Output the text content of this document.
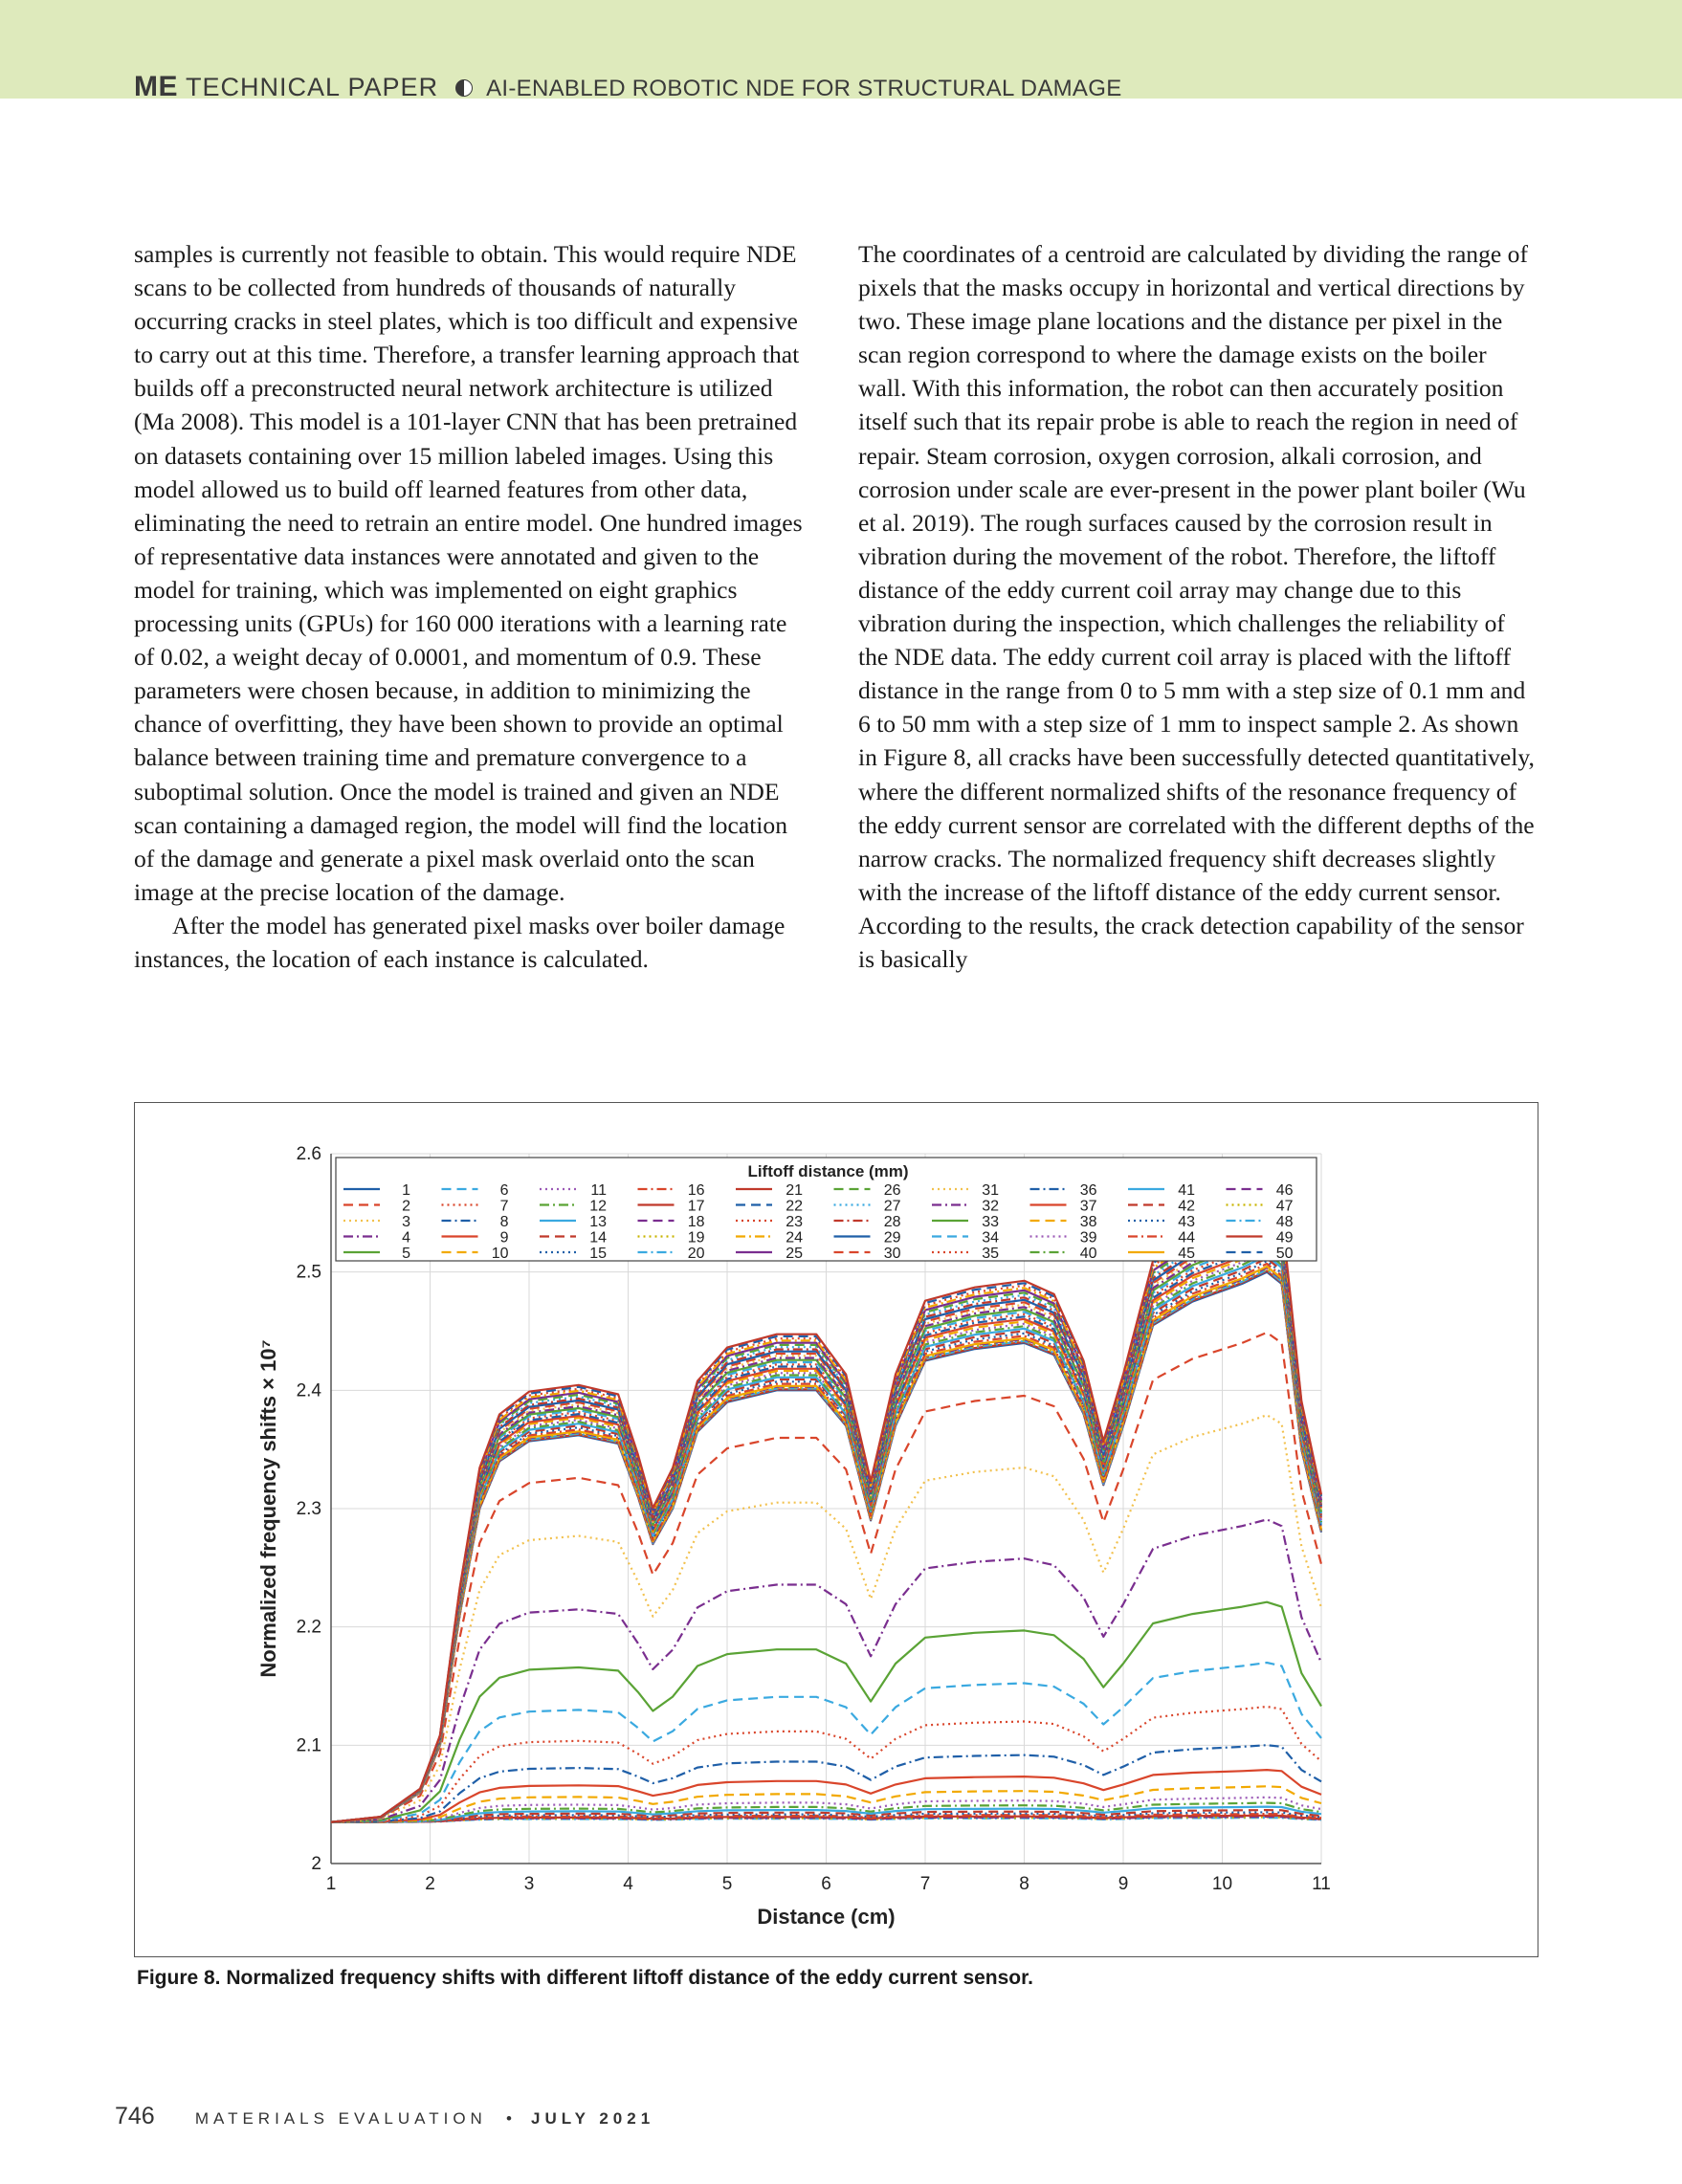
ME TECHNICAL PAPER AI-ENABLED ROBOTIC NDE FOR STRUCTURAL DAMAGE

samples is currently not feasible to obtain. This would require NDE scans to be collected from hundreds of thousands of naturally occurring cracks in steel plates, which is too difficult and expensive to carry out at this time. Therefore, a transfer learning approach that builds off a preconstructed neural network architecture is utilized (Ma 2008). This model is a 101-layer CNN that has been pretrained on datasets containing over 15 million labeled images. Using this model allowed us to build off learned features from other data, eliminating the need to retrain an entire model. One hundred images of representative data instances were annotated and given to the model for training, which was implemented on eight graphics processing units (GPUs) for 160 000 iterations with a learning rate of 0.02, a weight decay of 0.0001, and momentum of 0.9. These parameters were chosen because, in addition to minimizing the chance of overfitting, they have been shown to provide an optimal balance between training time and premature convergence to a suboptimal solution. Once the model is trained and given an NDE scan containing a damaged region, the model will find the location of the damage and generate a pixel mask overlaid onto the scan image at the precise location of the damage.

After the model has generated pixel masks over boiler damage instances, the location of each instance is calculated.

The coordinates of a centroid are calculated by dividing the range of pixels that the masks occupy in horizontal and vertical directions by two. These image plane locations and the distance per pixel in the scan region correspond to where the damage exists on the boiler wall. With this information, the robot can then accurately position itself such that its repair probe is able to reach the region in need of repair. Steam corrosion, oxygen corrosion, alkali corrosion, and corrosion under scale are ever-present in the power plant boiler (Wu et al. 2019). The rough surfaces caused by the corrosion result in vibration during the movement of the robot. Therefore, the liftoff distance of the eddy current coil array may change due to this vibration during the inspection, which challenges the reliability of the NDE data. The eddy current coil array is placed with the liftoff distance in the range from 0 to 5 mm with a step size of 0.1 mm and 6 to 50 mm with a step size of 1 mm to inspect sample 2. As shown in Figure 8, all cracks have been successfully detected quantitatively, where the different normalized shifts of the resonance frequency of the eddy current sensor are correlated with the different depths of the narrow cracks. The normalized frequency shift decreases slightly with the increase of the liftoff distance of the eddy current sensor. According to the results, the crack detection capability of the sensor is basically

1	2	3	4	5	6	7	8	9	10	11
2
2.1
2.2
2.3
2.4
2.5
2.6
Distance (cm)
Normalized frequency shifts × 10⁷
Liftoff distance (mm)
1
2
3
4
5
6
7
8
9
10
11
12
13
14
15
16
17
18
19
20
21
22
23
24
25
26
27
28
29
30
31
32
33
34
35
36
37
38
39
40
41
42
43
44
45
46
47
48
49
50
Figure 8. Normalized frequency shifts with different liftoff distance of the eddy current sensor.
746 MATERIALS EVALUATION • JULY 2021
